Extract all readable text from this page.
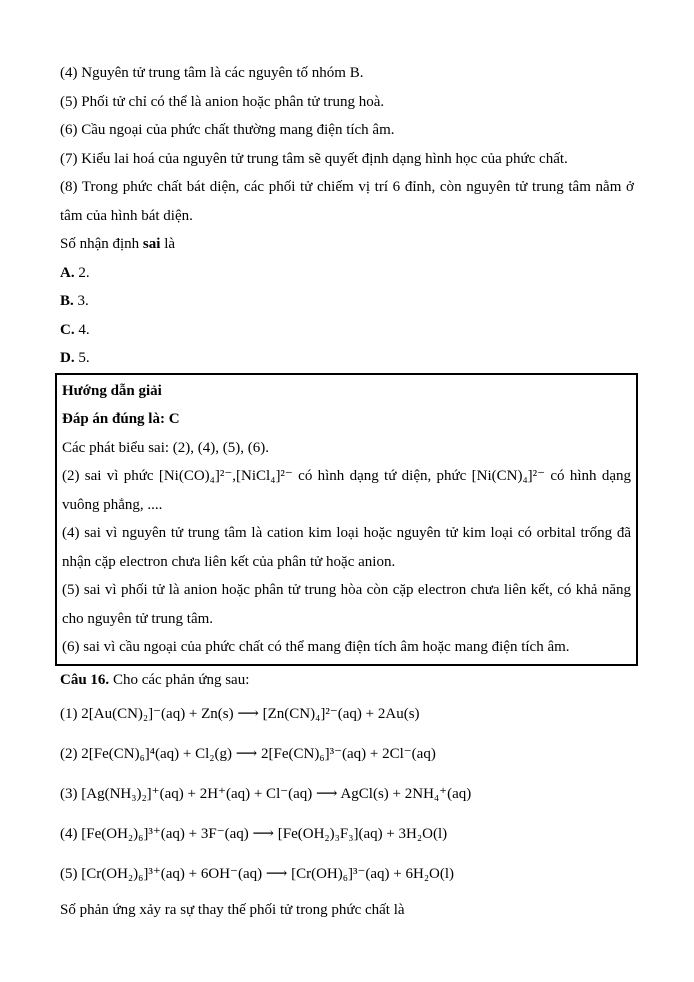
(4) Nguyên tử trung tâm là các nguyên tố nhóm B.

(5) Phối tử chỉ có thể là anion hoặc phân tử trung hoà.

(6) Cầu ngoại của phức chất thường mang điện tích âm.

(7) Kiểu lai hoá của nguyên tử trung tâm sẽ quyết định dạng hình học của phức chất.

(8) Trong phức chất bát diện, các phối tử chiếm vị trí 6 đỉnh, còn nguyên tử trung tâm nằm ở tâm của hình bát diện.

Số nhận định sai là

A. 2.

B. 3.

C. 4.

D. 5.

Hướng dẫn giải

Đáp án đúng là: C

Các phát biểu sai: (2), (4), (5), (6).

(2) sai vì phức [Ni(CO)₄]²⁻,[NiCl₄]²⁻ có hình dạng tứ diện, phức [Ni(CN)₄]²⁻ có hình dạng vuông phẳng, ....

(4) sai vì nguyên tử trung tâm là cation kim loại hoặc nguyên tử kim loại có orbital trống đã nhận cặp electron chưa liên kết của phân tử hoặc anion.

(5) sai vì phối tử là anion hoặc phân tử trung hòa còn cặp electron chưa liên kết, có khả năng cho nguyên tử trung tâm.

(6) sai vì cầu ngoại của phức chất có thể mang điện tích âm hoặc mang điện tích âm.

Câu 16. Cho các phản ứng sau:

(1) 2[Au(CN)₂]⁻(aq) + Zn(s) ⟶ [Zn(CN)₄]²⁻(aq) + 2Au(s)

(2) 2[Fe(CN)₆]⁴(aq) + Cl₂(g) ⟶ 2[Fe(CN)₆]³⁻(aq) + 2Cl⁻(aq)

(3) [Ag(NH₃)₂]⁺(aq) + 2H⁺(aq) + Cl⁻(aq) ⟶ AgCl(s) + 2NH₄⁺(aq)

(4) [Fe(OH₂)₆]³⁺(aq) + 3F⁻(aq) ⟶ [Fe(OH₂)₃F₃](aq) + 3H₂O(l)

(5) [Cr(OH₂)₆]³⁺(aq) + 6OH⁻(aq) ⟶ [Cr(OH)₆]³⁻(aq) + 6H₂O(l)

Số phản ứng xảy ra sự thay thế phối tử trong phức chất là
